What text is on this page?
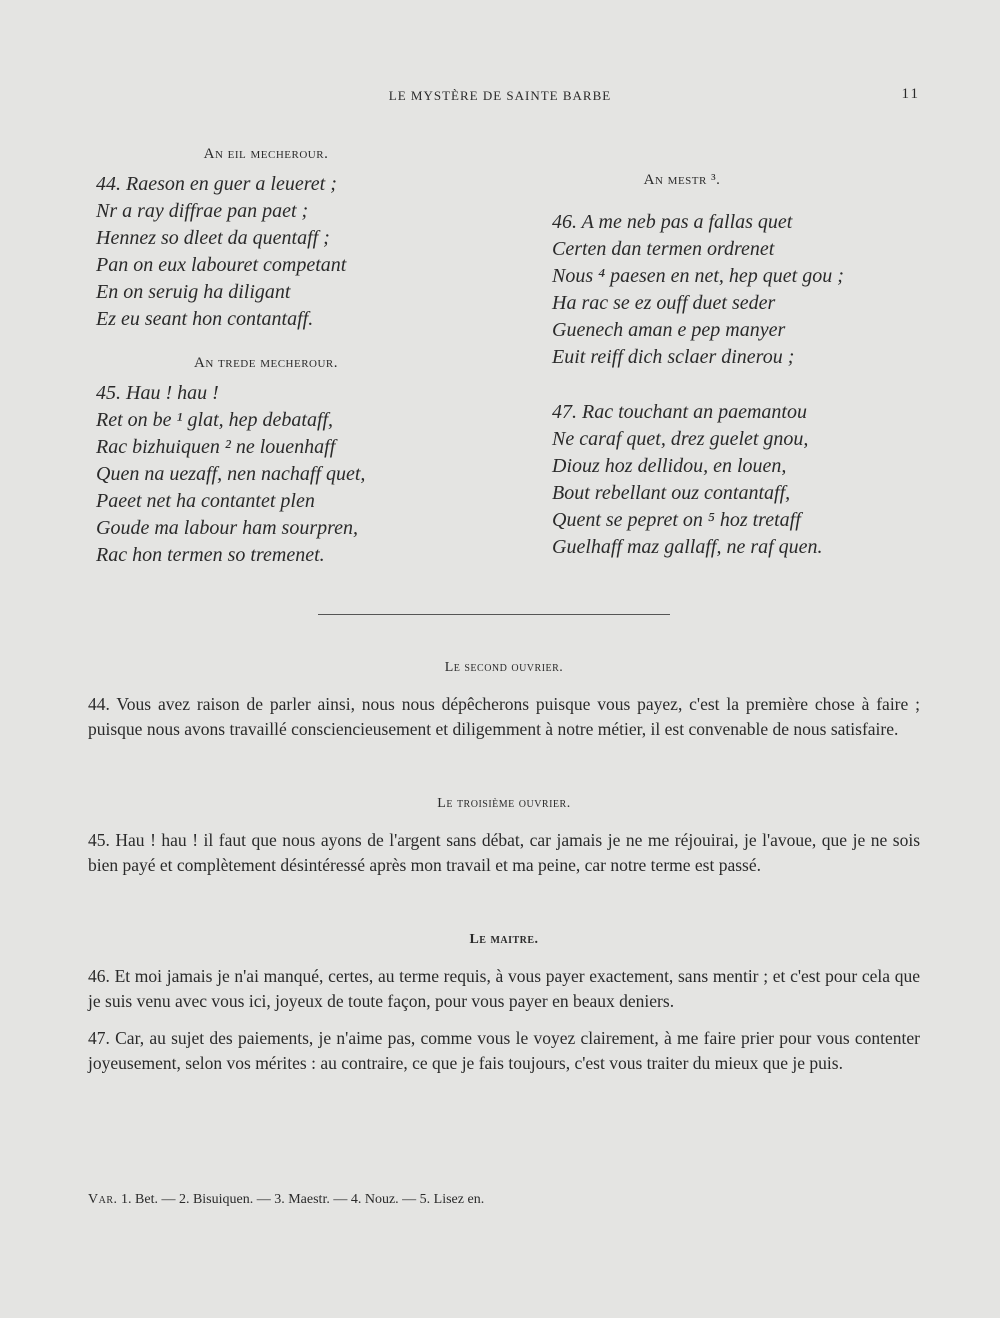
LE MYSTÈRE DE SAINTE BARBE	11
An eil mecherour.
44. Raeson en guer a leueret ;
Nr a ray diffrae pan paet ;
Hennez so dleet da quentaff ;
Pan on eux labouret competant
En on seruig ha diligant
Ez eu seant hon contantaff.
An trede mecherour.
45. Hau ! hau !
Ret on be ¹ glat, hep debataff,
Rac bizhuiquen ² ne louenhaff
Quen na uezaff, nen nachaff quet,
Paeet net ha contantet plen
Goude ma labour ham sourpren,
Rac hon termen so tremenet.
An mestr ³.
46. A me neb pas a fallas quet
Certen dan termen ordrenet
Nous ⁴ paesen en net, hep quet gou ;
Ha rac se ez ouff duet seder
Guenech aman e pep manyer
Euit reiff dich sclaer dinerou ;
47. Rac touchant an paemantou
Ne caraf quet, drez guelet gnou,
Diouz hoz dellidou, en louen,
Bout rebellant ouz contantaff,
Quent se pepret on ⁵ hoz tretaff
Guelhaff maz gallaff, ne raf quen.
Le second ouvrier.

44. Vous avez raison de parler ainsi, nous nous dépêcherons puisque vous payez, c'est la première chose à faire ; puisque nous avons travaillé consciencieusement et diligemment à notre métier, il est convenable de nous satisfaire.

Le troisième ouvrier.

45. Hau ! hau ! il faut que nous ayons de l'argent sans débat, car jamais je ne me réjouirai, je l'avoue, que je ne sois bien payé et complètement désintéressé après mon travail et ma peine, car notre terme est passé.

Le maitre.

46. Et moi jamais je n'ai manqué, certes, au terme requis, à vous payer exactement, sans mentir ; et c'est pour cela que je suis venu avec vous ici, joyeux de toute façon, pour vous payer en beaux deniers.

47. Car, au sujet des paiements, je n'aime pas, comme vous le voyez clairement, à me faire prier pour vous contenter joyeusement, selon vos mérites : au contraire, ce que je fais toujours, c'est vous traiter du mieux que je puis.

Var. 1. Bet. — 2. Bisuiquen. — 3. Maestr. — 4. Nouz. — 5. Lisez en.
